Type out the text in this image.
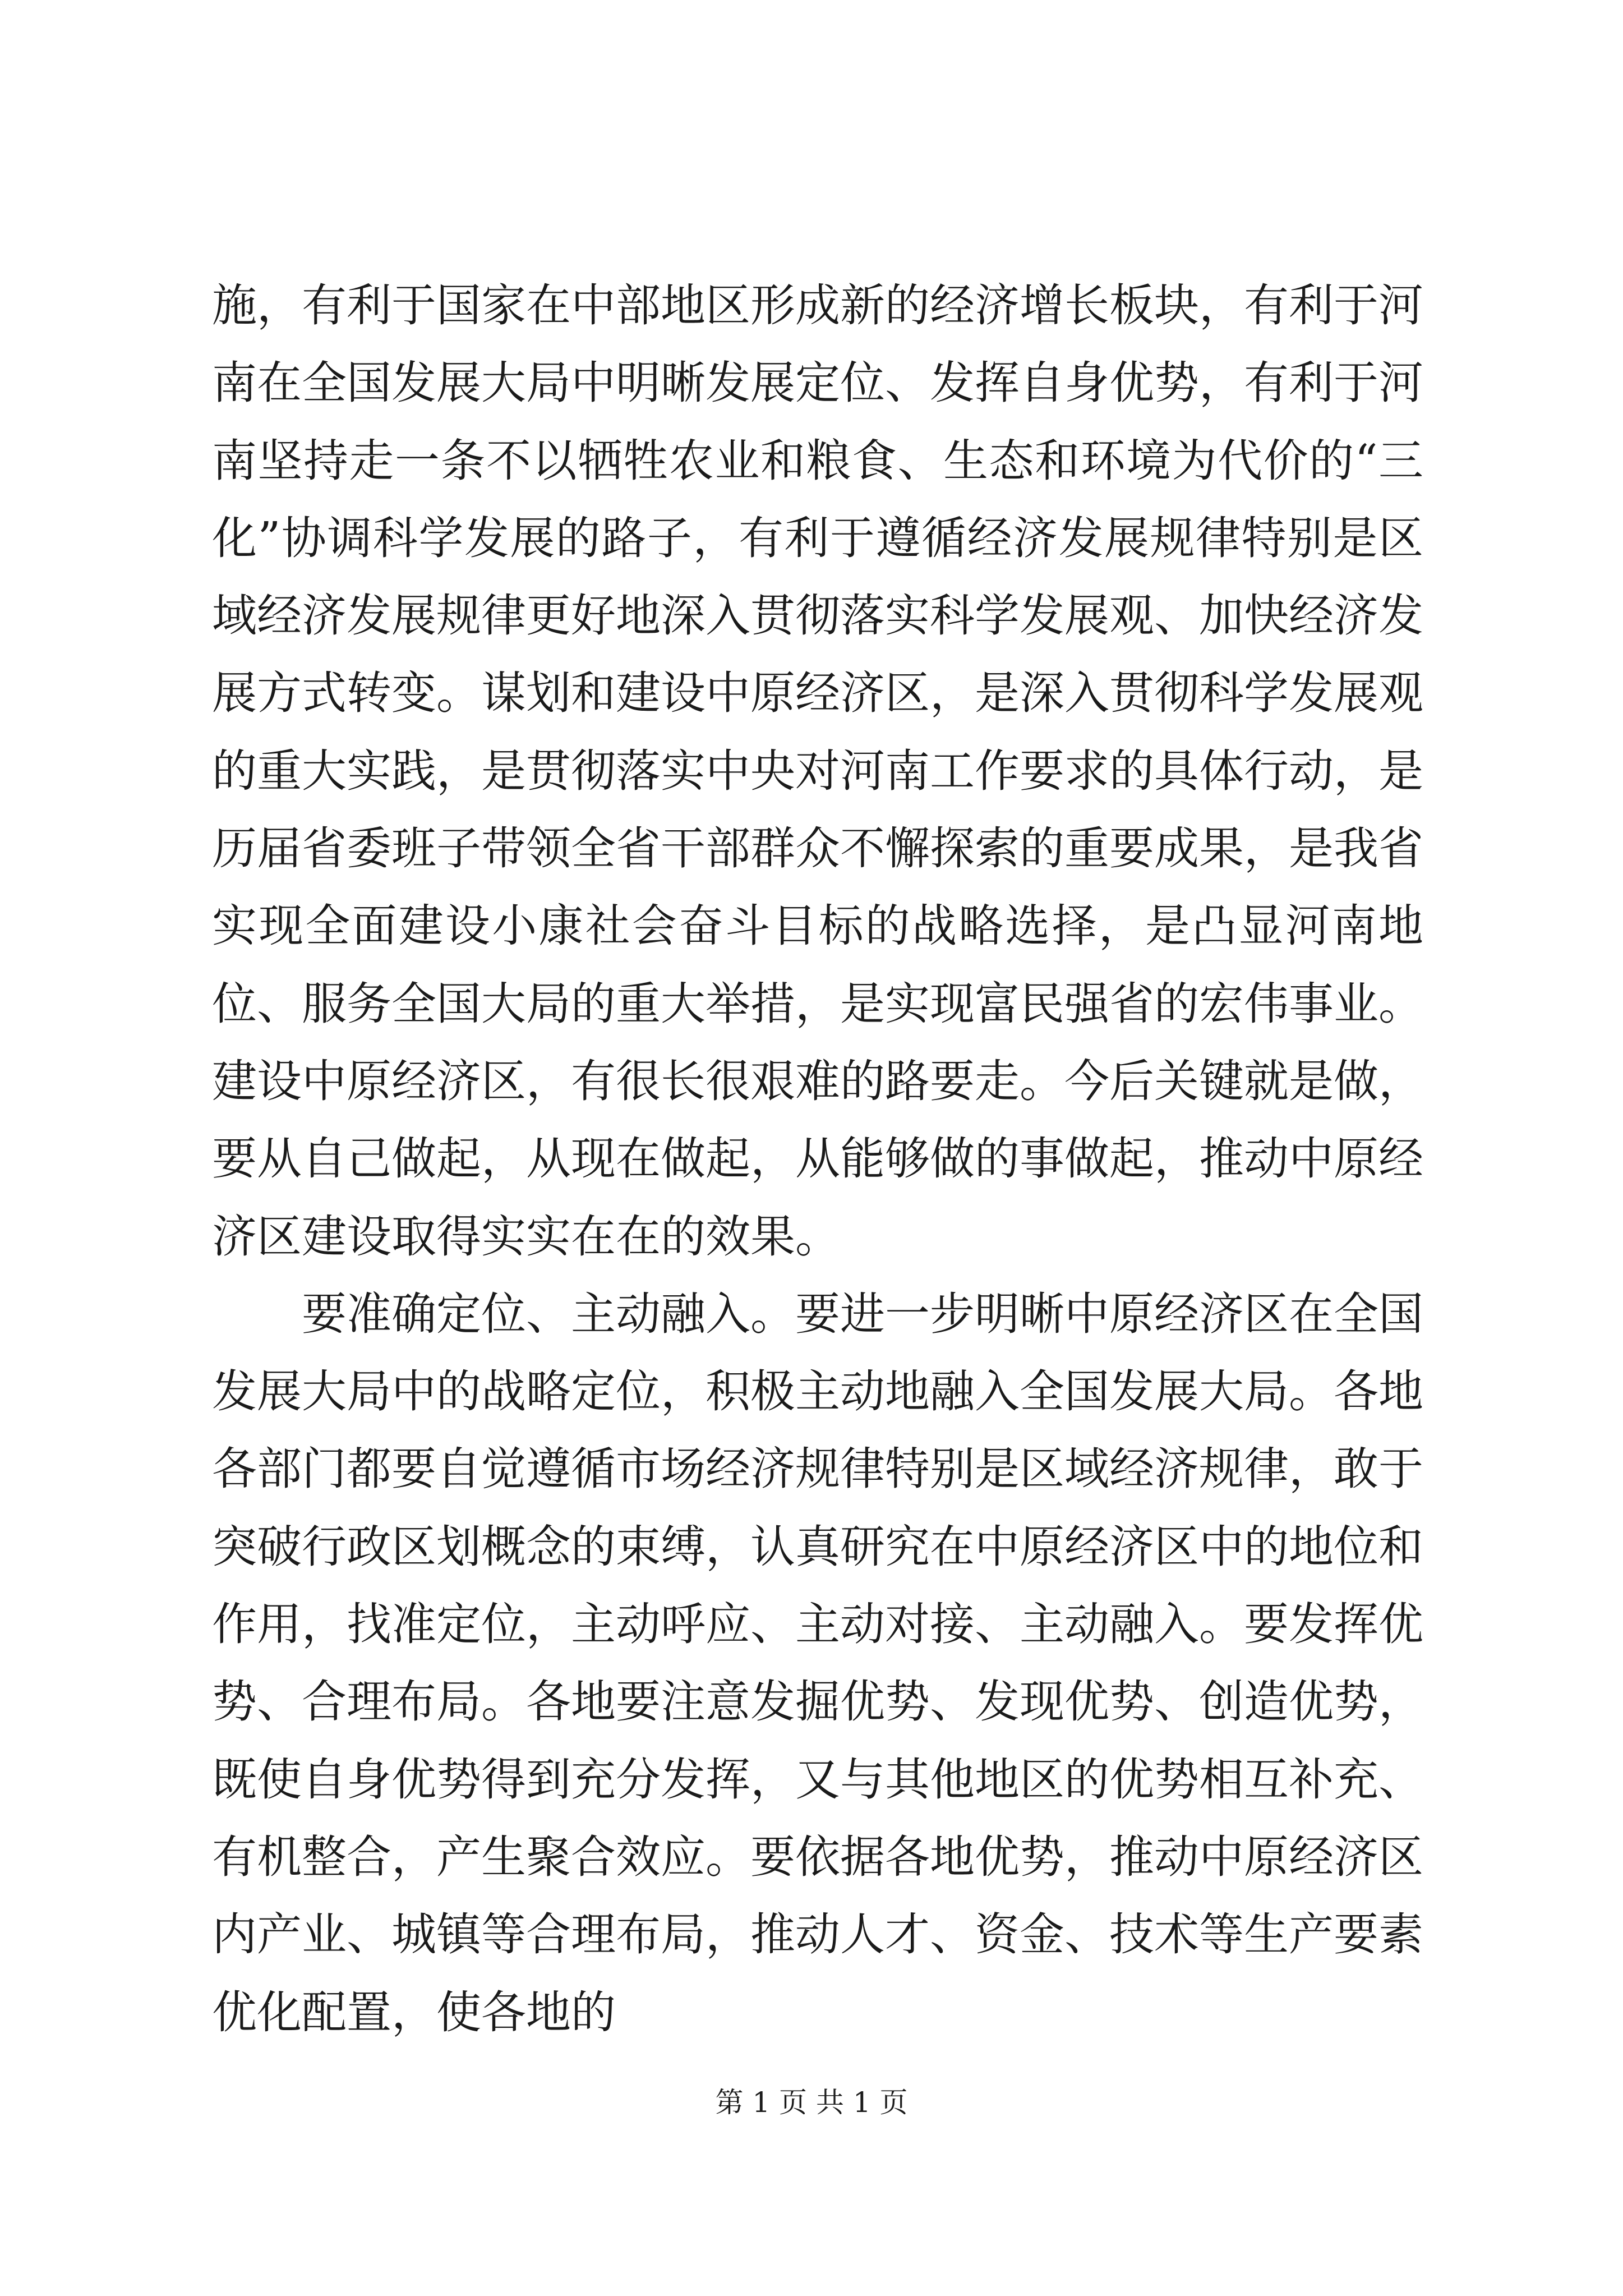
施，有利于国家在中部地区形成新的经济增长板块，有利于河南在全国发展大局中明晰发展定位、发挥自身优势，有利于河南坚持走一条不以牺牲农业和粮食、生态和环境为代价的“三化”协调科学发展的路子，有利于遵循经济发展规律特别是区域经济发展规律更好地深入贯彻落实科学发展观、加快经济发展方式转变。谋划和建设中原经济区，是深入贯彻科学发展观的重大实践，是贯彻落实中央对河南工作要求的具体行动，是历届省委班子带领全省干部群众不懈探索的重要成果，是我省实现全面建设小康社会奋斗目标的战略选择，是凸显河南地位、服务全国大局的重大举措，是实现富民强省的宏伟事业。建设中原经济区，有很长很艰难的路要走。今后关键就是做，要从自己做起，从现在做起，从能够做的事做起，推动中原经济区建设取得实实在在的效果。

要准确定位、主动融入。要进一步明晰中原经济区在全国发展大局中的战略定位，积极主动地融入全国发展大局。各地各部门都要自觉遵循市场经济规律特别是区域经济规律，敢于突破行政区划概念的束缚，认真研究在中原经济区中的地位和作用，找准定位，主动呼应、主动对接、主动融入。要发挥优势、合理布局。各地要注意发掘优势、发现优势、创造优势，既使自身优势得到充分发挥，又与其他地区的优势相互补充、有机整合，产生聚合效应。要依据各地优势，推动中原经济区内产业、城镇等合理布局，推动人才、资金、技术等生产要素优化配置，使各地的

第 1 页 共 1 页
